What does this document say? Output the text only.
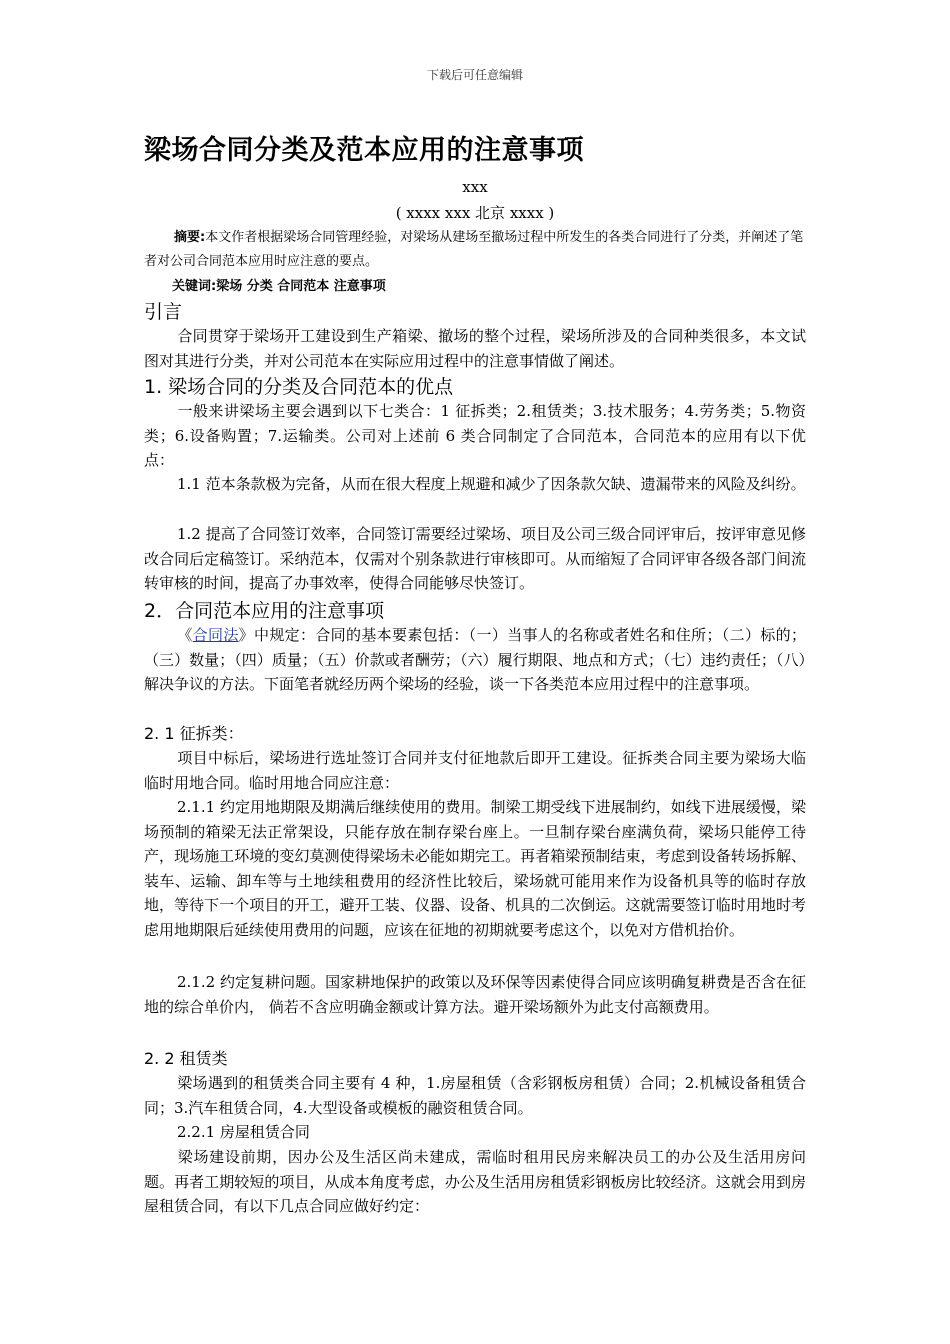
下载后可任意编辑
梁场合同分类及范本应用的注意事项
xxx
( xxxx xxx 北京 xxxx )
摘要:本文作者根据梁场合同管理经验，对梁场从建场至撤场过程中所发生的各类合同进行了分类，并阐述了笔者对公司合同范本应用时应注意的要点。
关键词:梁场 分类 合同范本 注意事项
引言
合同贯穿于梁场开工建设到生产箱梁、撤场的整个过程，梁场所涉及的合同种类很多，本文试图对其进行分类，并对公司范本在实际应用过程中的注意事情做了阐述。
1. 梁场合同的分类及合同范本的优点
一般来讲梁场主要会遇到以下七类合：1 征拆类；2.租赁类；3.技术服务；4.劳务类；5.物资类；6.设备购置；7.运输类。公司对上述前 6 类合同制定了合同范本，合同范本的应用有以下优点：
1.1 范本条款极为完备，从而在很大程度上规避和减少了因条款欠缺、遗漏带来的风险及纠纷。
1.2 提高了合同签订效率，合同签订需要经过梁场、项目及公司三级合同评审后，按评审意见修改合同后定稿签订。采纳范本，仅需对个别条款进行审核即可。从而缩短了合同评审各级各部门间流转审核的时间，提高了办事效率，使得合同能够尽快签订。
2．合同范本应用的注意事项
《合同法》中规定：合同的基本要素包括：（一）当事人的名称或者姓名和住所；（二）标的；（三）数量；（四）质量；（五）价款或者酬劳；（六）履行期限、地点和方式；（七）违约责任；（八）解决争议的方法。下面笔者就经历两个梁场的经验，谈一下各类范本应用过程中的注意事项。
2. 1 征拆类：
项目中标后，梁场进行选址签订合同并支付征地款后即开工建设。征拆类合同主要为梁场大临临时用地合同。临时用地合同应注意：
2.1.1 约定用地期限及期满后继续使用的费用。制梁工期受线下进展制约，如线下进展缓慢，梁场预制的箱梁无法正常架设，只能存放在制存梁台座上。一旦制存梁台座满负荷，梁场只能停工待产，现场施工环境的变幻莫测使得梁场未必能如期完工。再者箱梁预制结束，考虑到设备转场拆解、装车、运输、卸车等与土地续租费用的经济性比较后，梁场就可能用来作为设备机具等的临时存放地，等待下一个项目的开工，避开工装、仪器、设备、机具的二次倒运。这就需要签订临时用地时考虑用地期限后延续使用费用的问题，应该在征地的初期就要考虑这个，以免对方借机抬价。
2.1.2 约定复耕问题。国家耕地保护的政策以及环保等因素使得合同应该明确复耕费是否含在征地的综合单价内， 倘若不含应明确金额或计算方法。避开梁场额外为此支付高额费用。
2. 2 租赁类
梁场遇到的租赁类合同主要有 4 种，1.房屋租赁（含彩钢板房租赁）合同；2.机械设备租赁合同；3.汽车租赁合同，4.大型设备或模板的融资租赁合同。
2.2.1 房屋租赁合同
梁场建设前期，因办公及生活区尚未建成，需临时租用民房来解决员工的办公及生活用房问题。再者工期较短的项目，从成本角度考虑，办公及生活用房租赁彩钢板房比较经济。这就会用到房屋租赁合同，有以下几点合同应做好约定：
